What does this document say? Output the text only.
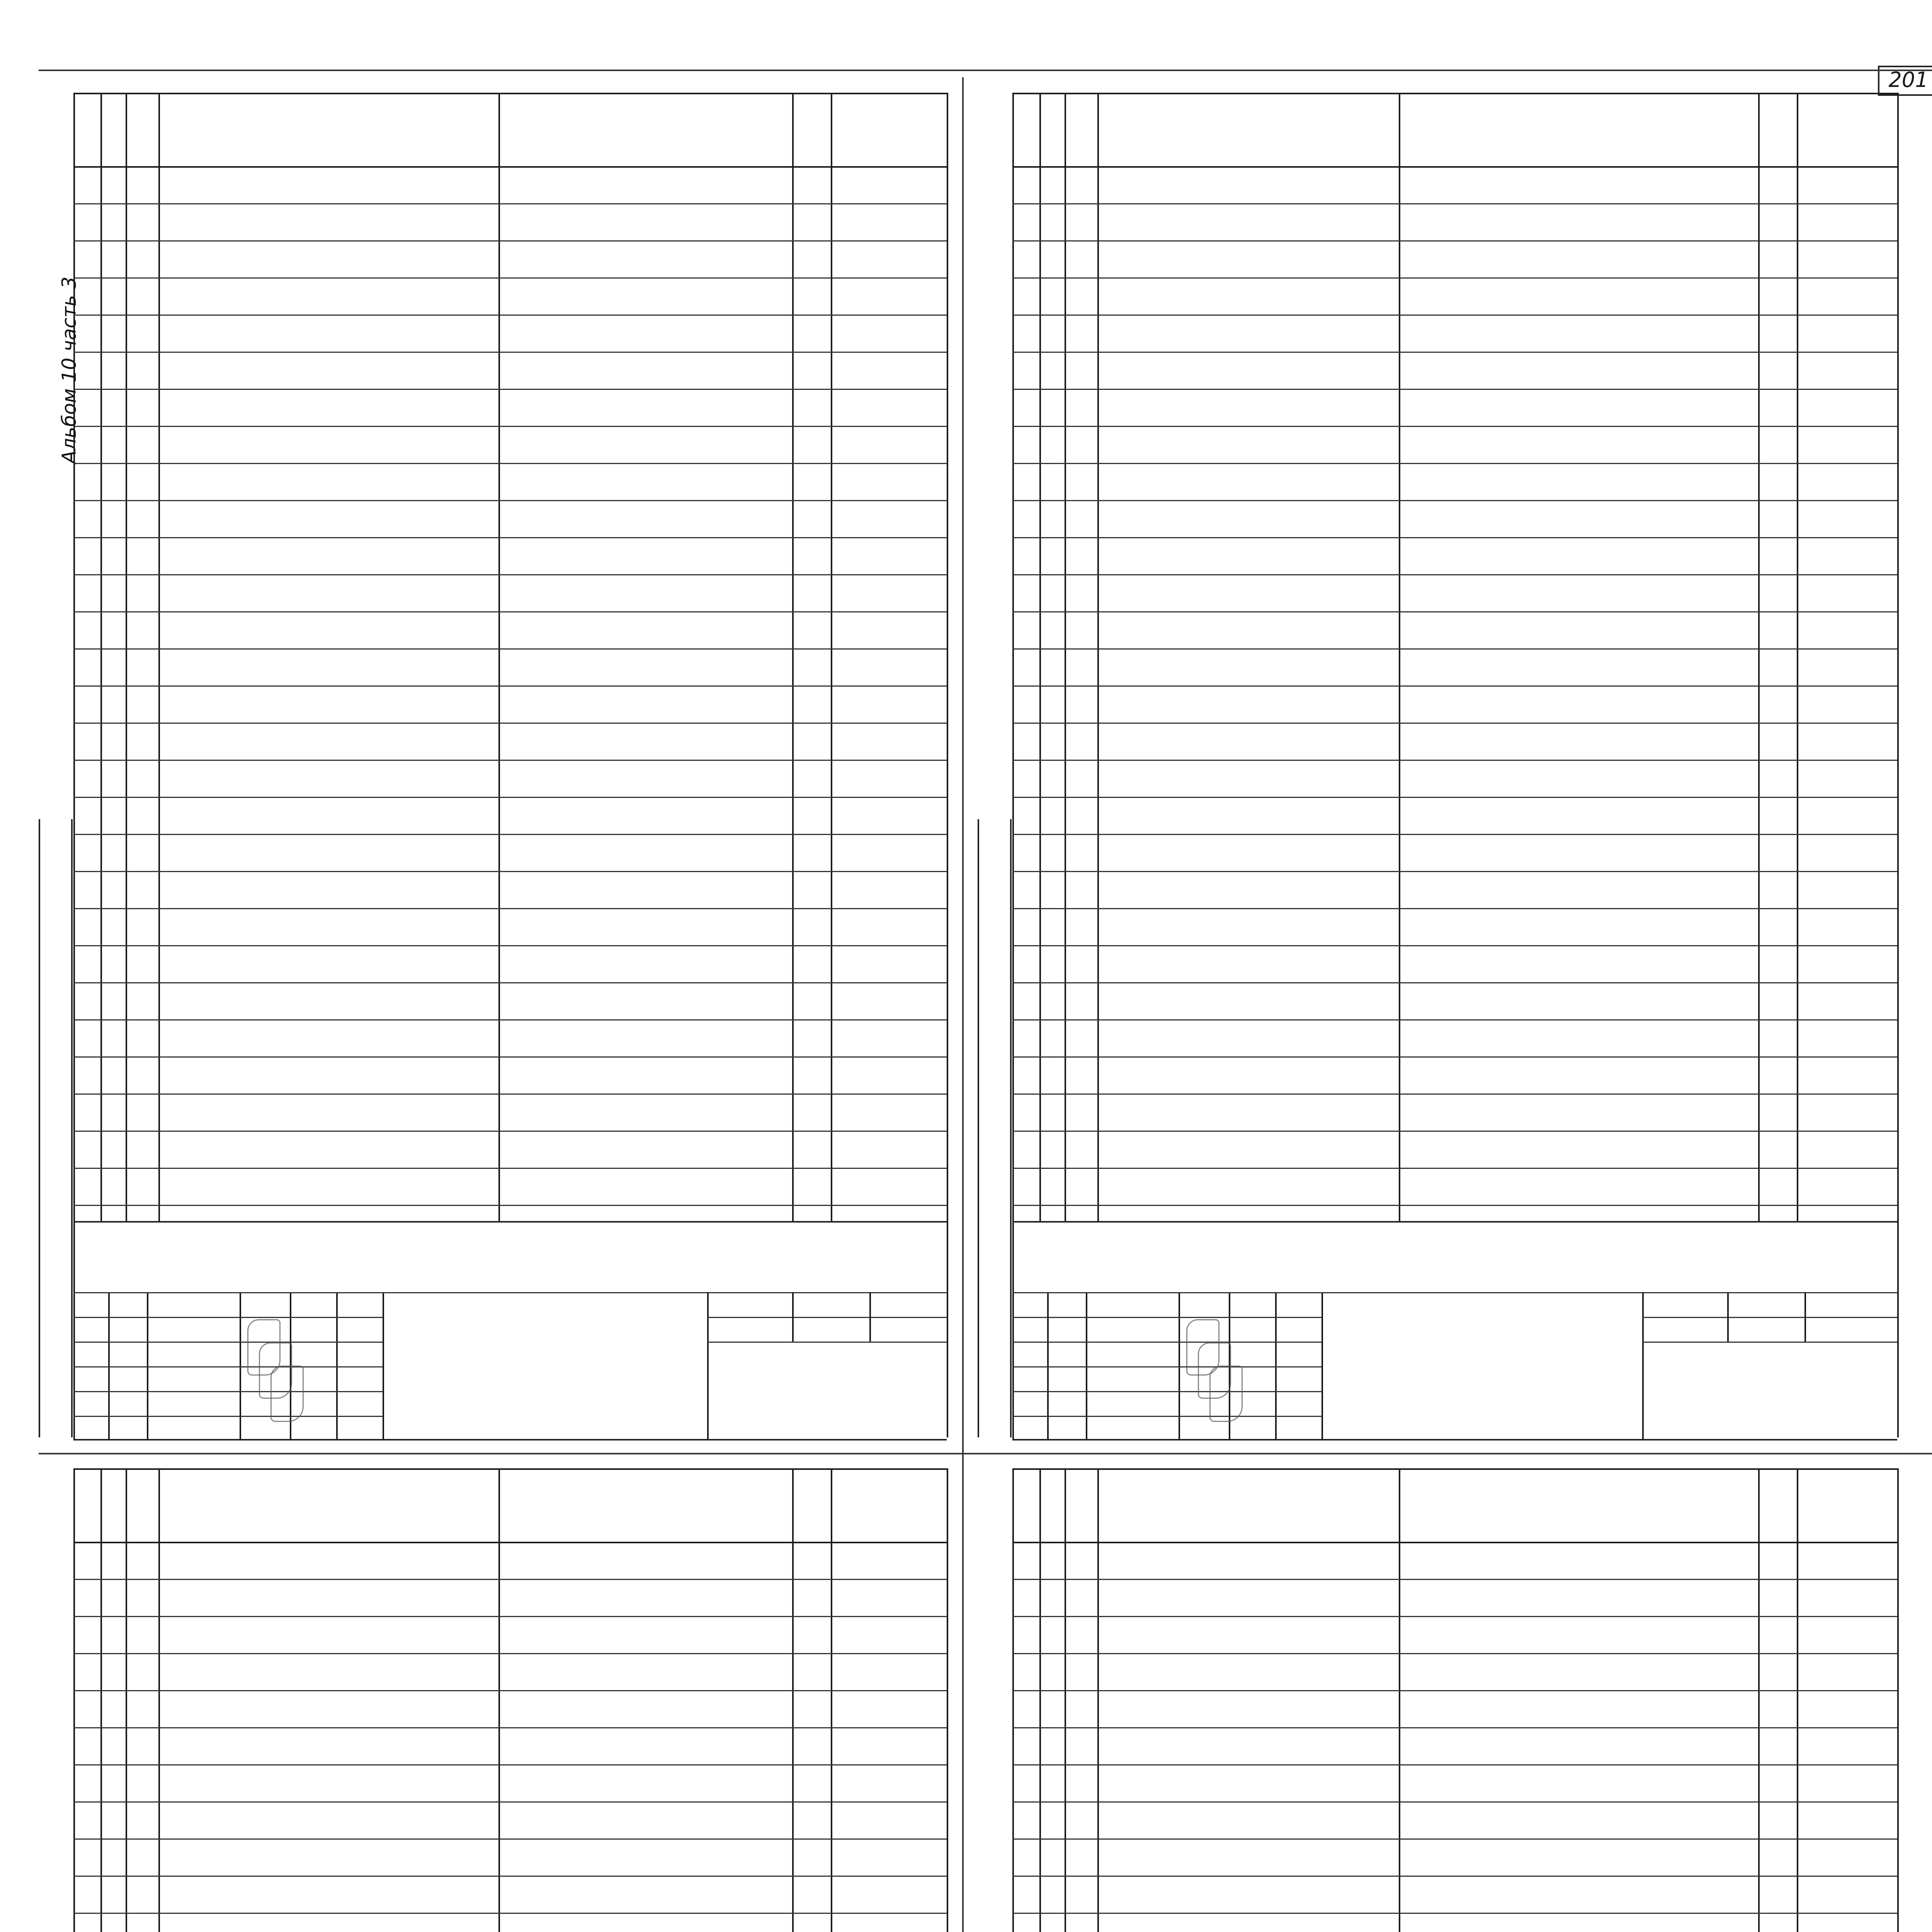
201
Альбом 10 часть 3
